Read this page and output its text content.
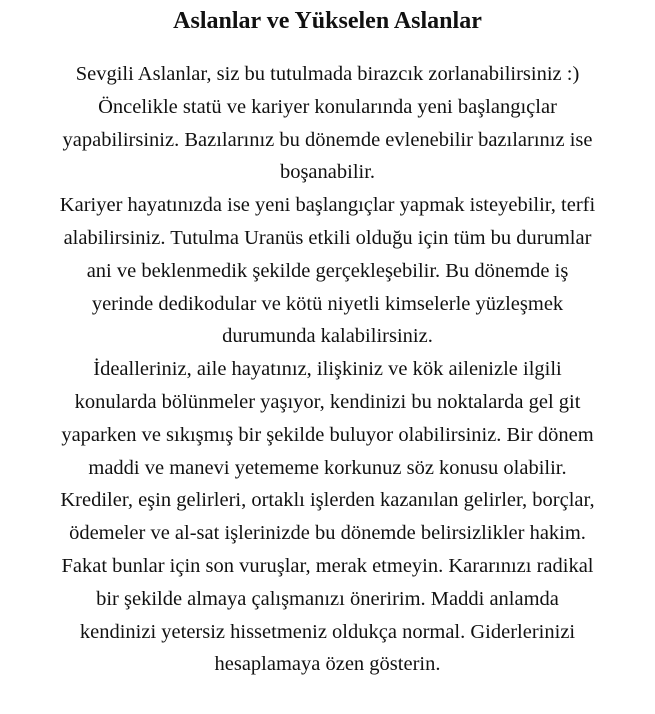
Aslanlar ve Yükselen Aslanlar
Sevgili Aslanlar, siz bu tutulmada birazcık zorlanabilirsiniz :)
Öncelikle statü ve kariyer konularında yeni başlangıçlar
yapabilirsiniz. Bazılarınız bu dönemde evlenebilir bazılarınız ise
boşanabilir.
Kariyer hayatınızda ise yeni başlangıçlar yapmak isteyebilir, terfi
alabilirsiniz. Tutulma Uranüs etkili olduğu için tüm bu durumlar
ani ve beklenmedik şekilde gerçekleşebilir. Bu dönemde iş
yerinde dedikodular ve kötü niyetli kimselerle yüzleşmek
durumunda kalabilirsiniz.
İdealleriniz, aile hayatınız, ilişkiniz ve kök ailenizle ilgili
konularda bölünmeler yaşıyor, kendinizi bu noktalarda gel git
yaparken ve sıkışmış bir şekilde buluyor olabilirsiniz. Bir dönem
maddi ve manevi yetememe korkunuz söz konusu olabilir.
Krediler, eşin gelirleri, ortaklı işlerden kazanılan gelirler, borçlar,
ödemeler ve al-sat işlerinizde bu dönemde belirsizlikler hakim.
Fakat bunlar için son vuruşlar, merak etmeyin. Kararınızı radikal
bir şekilde almaya çalışmanızı öneririm. Maddi anlamda
kendinizi yetersiz hissetmeniz oldukça normal. Giderlerinizi
hesaplamaya özen gösterin.
